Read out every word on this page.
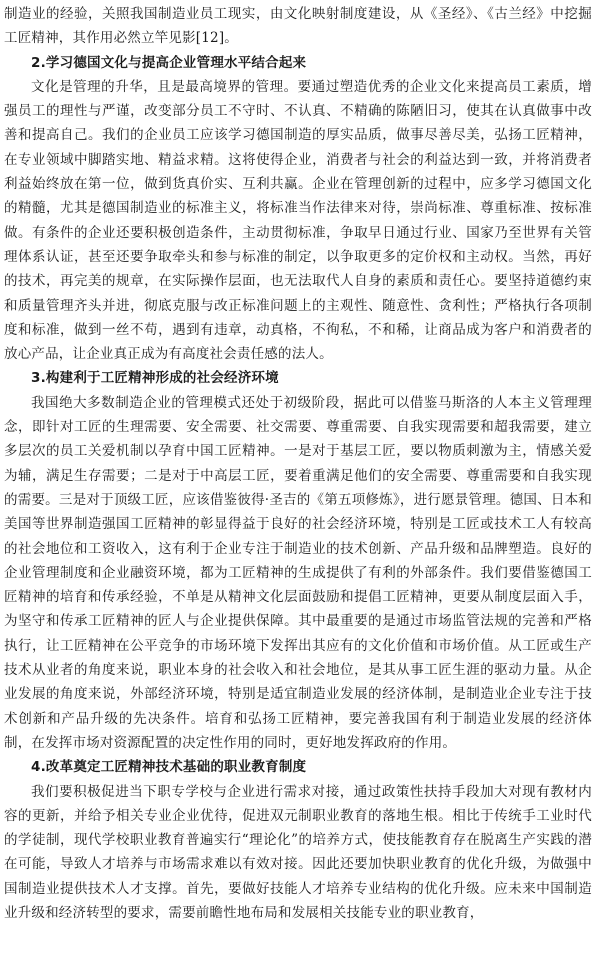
制造业的经验，关照我国制造业员工现实，由文化映射制度建设，从《圣经》、《古兰经》中挖掘工匠精神，其作用必然立竿见影[12]。

2.学习德国文化与提高企业管理水平结合起来

文化是管理的升华，且是最高境界的管理。要通过塑造优秀的企业文化来提高员工素质，增强员工的理性与严谨，改变部分员工不守时、不认真、不精确的陈陋旧习，使其在认真做事中改善和提高自己。我们的企业员工应该学习德国制造的厚实品质，做事尽善尽美，弘扬工匠精神，在专业领域中脚踏实地、精益求精。这将使得企业，消费者与社会的利益达到一致，并将消费者利益始终放在第一位，做到货真价实、互利共赢。企业在管理创新的过程中，应多学习德国文化的精髓，尤其是德国制造业的标准主义，将标准当作法律来对待，崇尚标准、尊重标准、按标准做。有条件的企业还要积极创造条件，主动贯彻标准，争取早日通过行业、国家乃至世界有关管理体系认证，甚至还要争取牵头和参与标准的制定，以争取更多的定价权和主动权。当然，再好的技术，再完美的规章，在实际操作层面，也无法取代人自身的素质和责任心。要坚持道德约束和质量管理齐头并进，彻底克服与改正标准问题上的主观性、随意性、贪利性；严格执行各项制度和标准，做到一丝不苟，遇到有违章，动真格，不徇私，不和稀，让商品成为客户和消费者的放心产品，让企业真正成为有高度社会责任感的法人。

3.构建利于工匠精神形成的社会经济环境

我国绝大多数制造企业的管理模式还处于初级阶段，据此可以借鉴马斯洛的人本主义管理理念，即针对工匠的生理需要、安全需要、社交需要、尊重需要、自我实现需要和超我需要，建立多层次的员工关爱机制以孕育中国工匠精神。一是对于基层工匠，要以物质刺激为主，情感关爱为辅，满足生存需要；二是对于中高层工匠，要着重满足他们的安全需要、尊重需要和自我实现的需要。三是对于顶级工匠，应该借鉴彼得·圣吉的《第五项修炼》，进行愿景管理。德国、日本和美国等世界制造强国工匠精神的彰显得益于良好的社会经济环境，特别是工匠或技术工人有较高的社会地位和工资收入，这有利于企业专注于制造业的技术创新、产品升级和品牌塑造。良好的企业管理制度和企业融资环境，都为工匠精神的生成提供了有利的外部条件。我们要借鉴德国工匠精神的培育和传承经验，不单是从精神文化层面鼓励和提倡工匠精神，更要从制度层面入手，为坚守和传承工匠精神的匠人与企业提供保障。其中最重要的是通过市场监管法规的完善和严格执行，让工匠精神在公平竞争的市场环境下发挥出其应有的文化价值和市场价值。从工匠或生产技术从业者的角度来说，职业本身的社会收入和社会地位，是其从事工匠生涯的驱动力量。从企业发展的角度来说，外部经济环境，特别是适宜制造业发展的经济体制，是制造业企业专注于技术创新和产品升级的先决条件。培育和弘扬工匠精神，要完善我国有利于制造业发展的经济体制，在发挥市场对资源配置的决定性作用的同时，更好地发挥政府的作用。

4.改革奠定工匠精神技术基础的职业教育制度

我们要积极促进当下职专学校与企业进行需求对接，通过政策性扶持手段加大对现有教材内容的更新，并给予相关专业企业优待，促进双元制职业教育的落地生根。相比于传统手工业时代的学徒制，现代学校职业教育普遍实行“理论化”的培养方式，使技能教育存在脱离生产实践的潜在可能，导致人才培养与市场需求难以有效对接。因此还要加快职业教育的优化升级，为做强中国制造业提供技术人才支撑。首先，要做好技能人才培养专业结构的优化升级。应未来中国制造业升级和经济转型的要求，需要前瞻性地布局和发展相关技能专业的职业教育，
